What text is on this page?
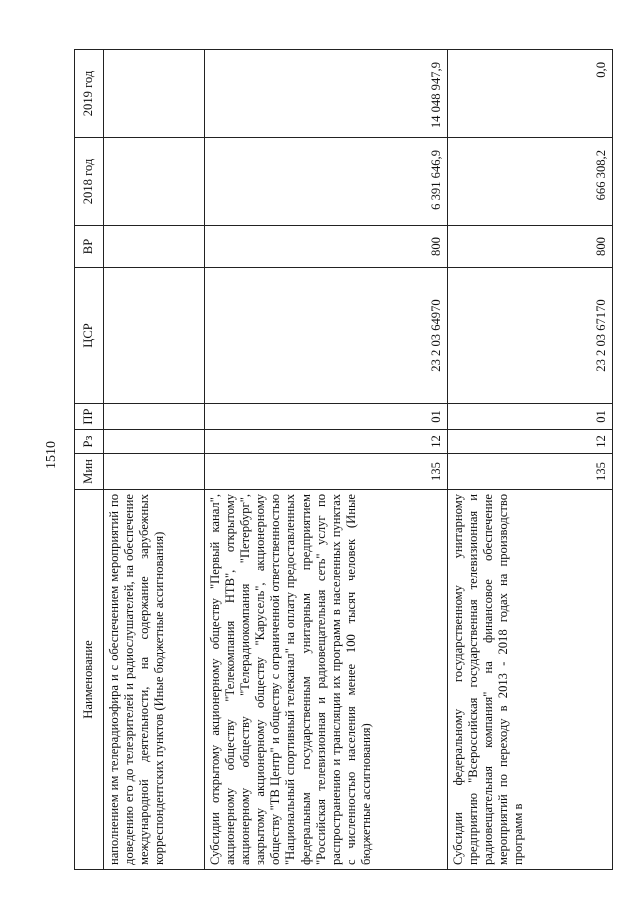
1510
Наименование	Мин	Рз	ПР	ЦСР	ВР	2018 год	2019 год
наполнением им телерадиоэфира и с обеспечением мероприятий по доведению его до телезрителей и радиослушателей, на обеспечение международной деятельности, на содержание зарубежных корреспондентских пунктов (Иные бюджетные ассигнования)							
Субсидии открытому акционерному обществу "Первый канал", акционерному обществу "Телекомпания НТВ", открытому акционерному обществу "Телерадиокомпания "Петербург", закрытому акционерному обществу "Карусель", акционерному обществу "ТВ Центр" и обществу с ограниченной ответственностью "Национальный спортивный телеканал" на оплату предоставленных федеральным государственным унитарным предприятием "Российская телевизионная и радиовещательная сеть" услуг по распространению и трансляции их программ в населенных пунктах с численностью населения менее 100 тысяч человек (Иные бюджетные ассигнования)	135	12	01	23 2 03 64970	800	6 391 646,9	14 048 947,9
Субсидии федеральному государственному унитарному предприятию "Всероссийская государственная телевизионная и радиовещательная компания" на финансовое обеспечение мероприятий по переходу в 2013 - 2018 годах на производство программ в	135	12	01	23 2 03 67170	800	666 308,2	0,0
